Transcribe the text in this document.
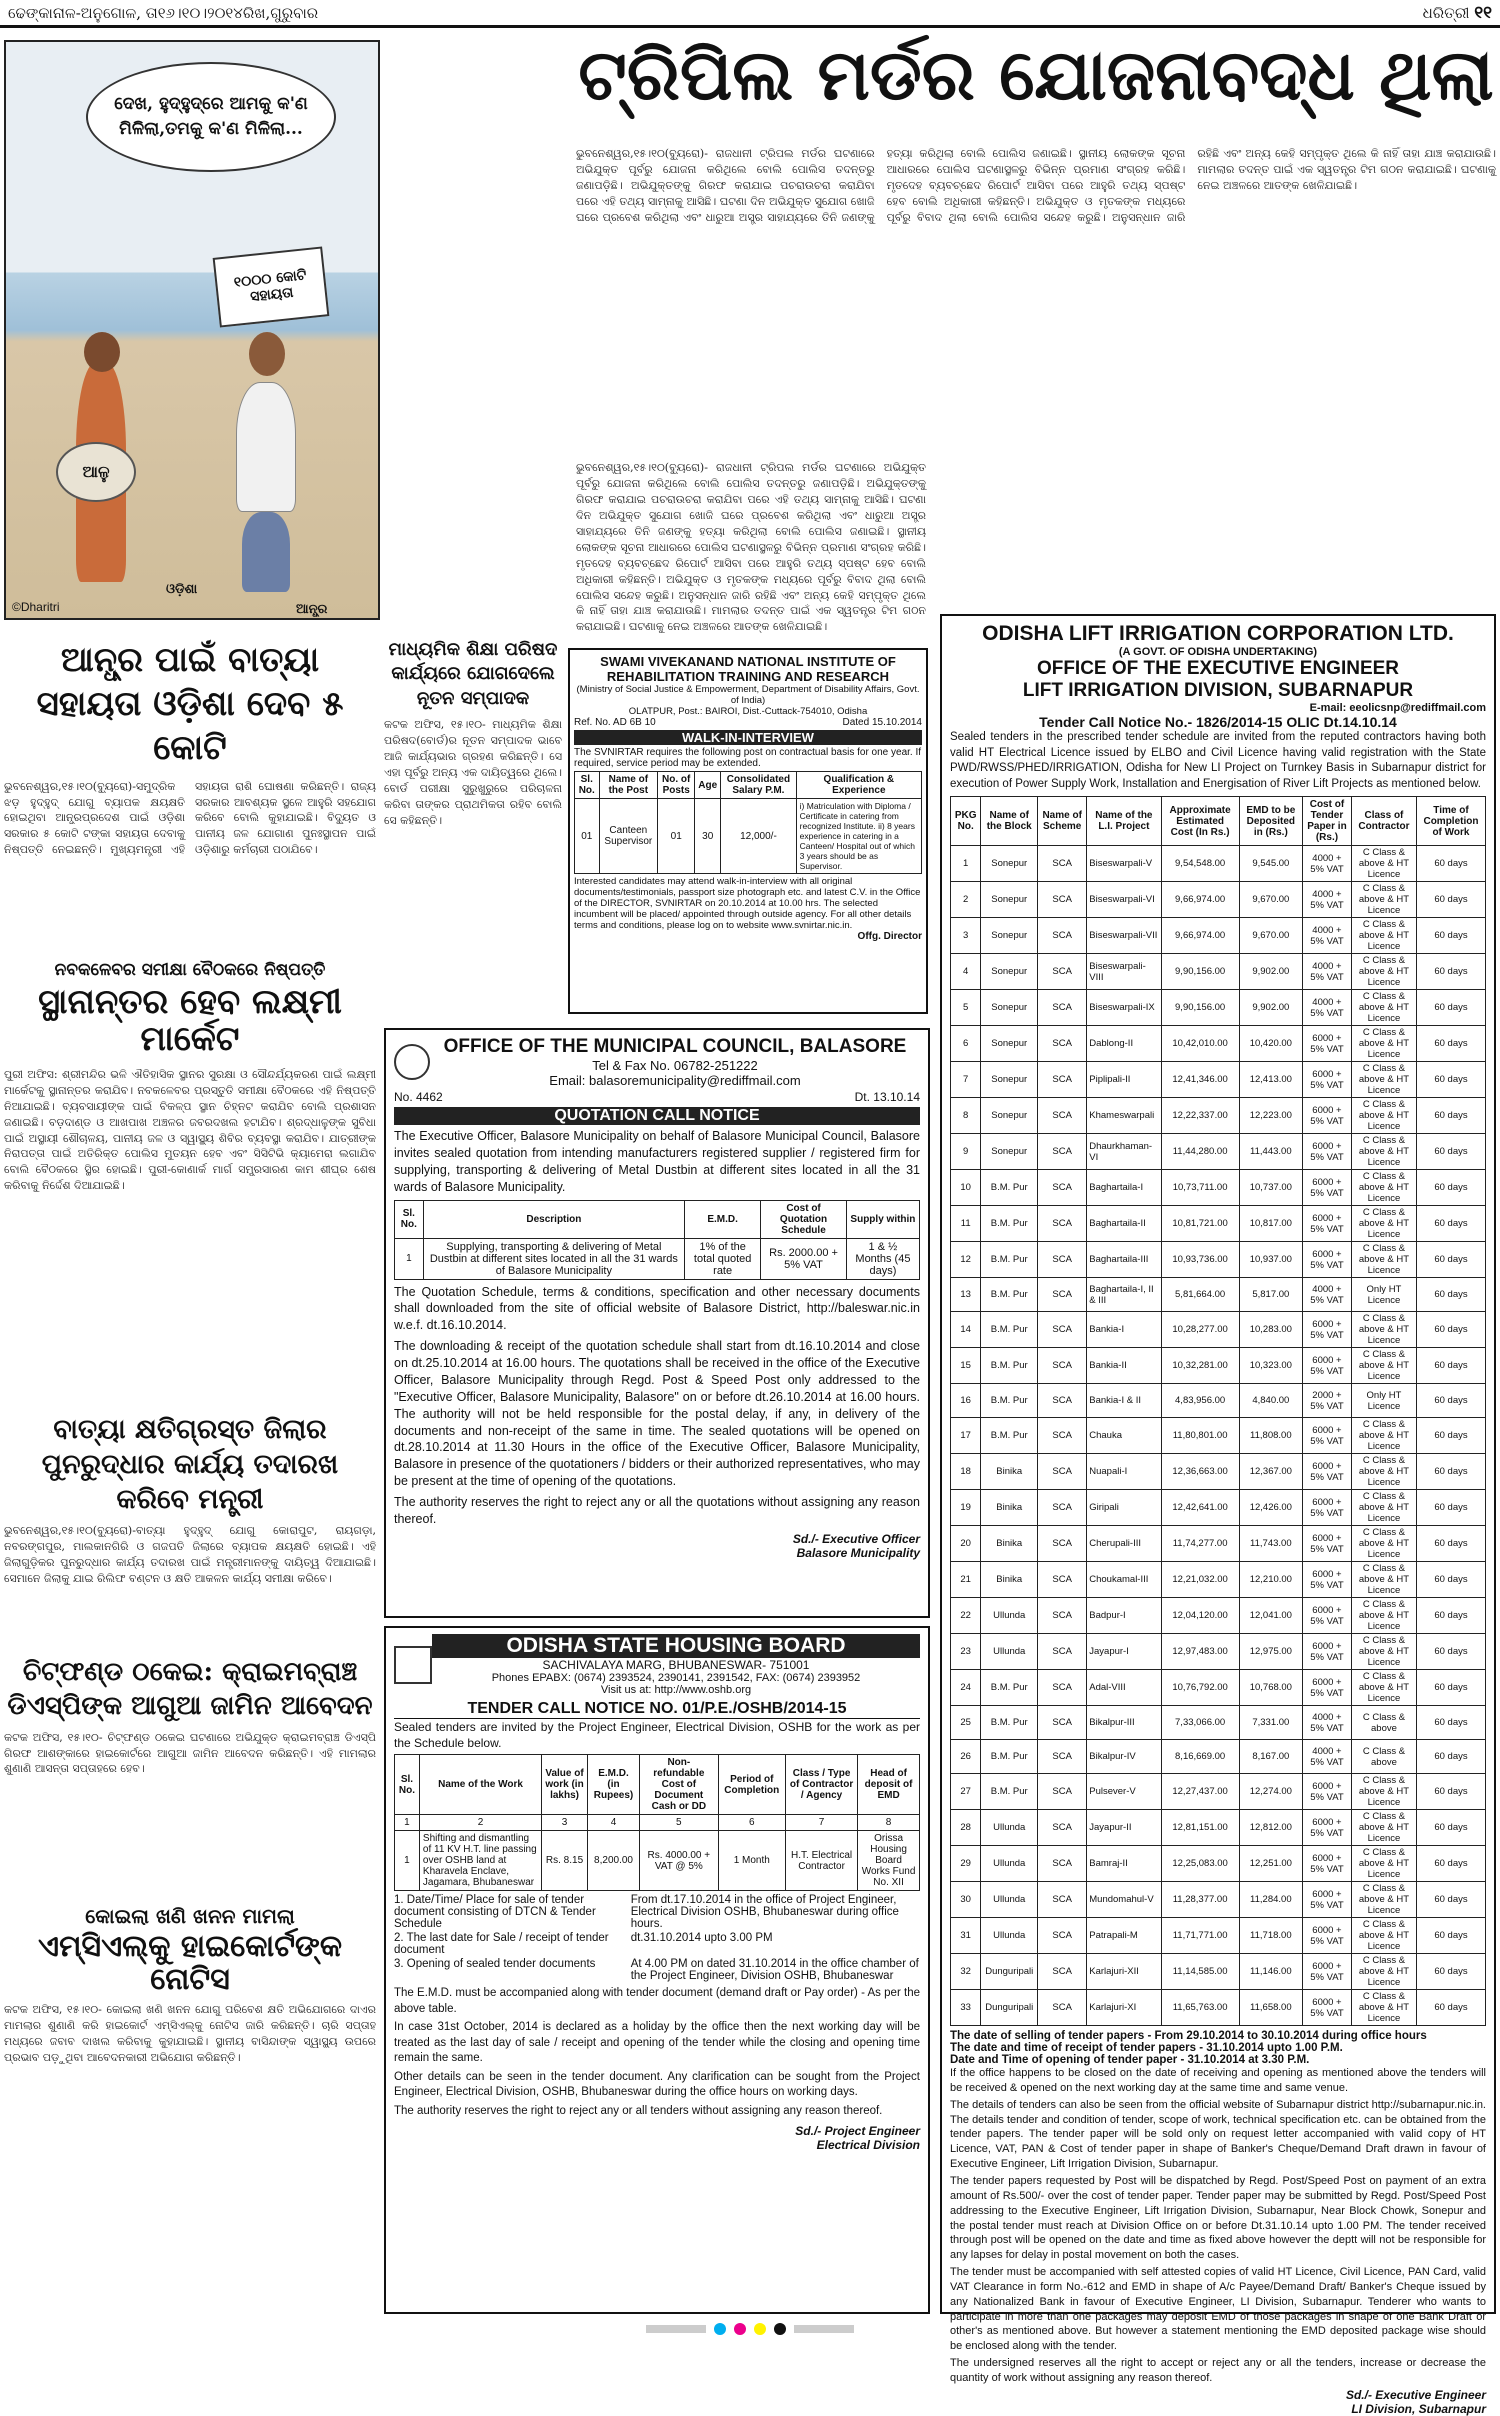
ଢେଙ୍କାନାଳ-ଅନୁଗୋଳ, ତା୧୬।୧୦।୨୦୧୪ରିଖ,ଗୁରୁବାର	ଧରିତ୍ରୀ ୧୧
ଦେଖ, ହୁଦ୍‌ହୁଦ୍‌ରେ ଆମକୁ କ'ଣ ମିଳିଲା,ତମକୁ କ'ଣ ମିଳିଲା...
୧୦୦୦ କୋଟି ସହାୟତା
ଆଳୁ
ଓଡ଼ିଶା
ଆନ୍ଧ୍ର
©Dharitri
ଟ୍ରିପିଲ ମର୍ଡର ଯୋଜନାବଦ୍ଧ ଥିଲା
ଭୁବନେଶ୍ୱର,୧୫।୧୦(ବ୍ୟୁରୋ)- ରାଜଧାନୀ ଟ୍ରିପଲ ମର୍ଡର ଘଟଣାରେ ଅଭିଯୁକ୍ତ ପୂର୍ବରୁ ଯୋଜନା କରିଥିଲେ ବୋଲି ପୋଲିସ ତଦନ୍ତରୁ ଜଣାପଡ଼ିଛି। ଅଭିଯୁକ୍ତଙ୍କୁ ଗିରଫ କରାଯାଇ ପଚରାଉଚରା କରାଯିବା ପରେ ଏହି ତଥ୍ୟ ସାମ୍ନାକୁ ଆସିଛି। ଘଟଣା ଦିନ ଅଭିଯୁକ୍ତ ସୁଯୋଗ ଖୋଜି ଘରେ ପ୍ରବେଶ କରିଥିଲା ଏବଂ ଧାରୁଆ ଅସ୍ତ୍ର ସାହାଯ୍ୟରେ ତିନି ଜଣଙ୍କୁ ହତ୍ୟା କରିଥିଲା ବୋଲି ପୋଲିସ ଜଣାଇଛି। ସ୍ଥାନୀୟ ଲୋକଙ୍କ ସୂଚନା ଆଧାରରେ ପୋଲିସ ଘଟଣାସ୍ଥଳରୁ ବିଭିନ୍ନ ପ୍ରମାଣ ସଂଗ୍ରହ କରିଛି। ମୃତଦେହ ବ୍ୟବଚ୍ଛେଦ ରିପୋର୍ଟ ଆସିବା ପରେ ଆହୁରି ତଥ୍ୟ ସ୍ପଷ୍ଟ ହେବ ବୋଲି ଅଧିକାରୀ କହିଛନ୍ତି। ଅଭିଯୁକ୍ତ ଓ ମୃତକଙ୍କ ମଧ୍ୟରେ ପୂର୍ବରୁ ବିବାଦ ଥିଲା ବୋଲି ପୋଲିସ ସନ୍ଦେହ କରୁଛି। ଅନୁସନ୍ଧାନ ଜାରି ରହିଛି ଏବଂ ଅନ୍ୟ କେହି ସମ୍ପୃକ୍ତ ଥିଲେ କି ନାହିଁ ତାହା ଯାଞ୍ଚ କରାଯାଉଛି। ମାମଲାର ତଦନ୍ତ ପାଇଁ ଏକ ସ୍ୱତନ୍ତ୍ର ଟିମ ଗଠନ କରାଯାଇଛି। ଘଟଣାକୁ ନେଇ ଅଞ୍ଚଳରେ ଆତଙ୍କ ଖେଳିଯାଇଛି।
ଭୁବନେଶ୍ୱର,୧୫।୧୦(ବ୍ୟୁରୋ)- ରାଜଧାନୀ ଟ୍ରିପଲ ମର୍ଡର ଘଟଣାରେ ଅଭିଯୁକ୍ତ ପୂର୍ବରୁ ଯୋଜନା କରିଥିଲେ ବୋଲି ପୋଲିସ ତଦନ୍ତରୁ ଜଣାପଡ଼ିଛି। ଅଭିଯୁକ୍ତଙ୍କୁ ଗିରଫ କରାଯାଇ ପଚରାଉଚରା କରାଯିବା ପରେ ଏହି ତଥ୍ୟ ସାମ୍ନାକୁ ଆସିଛି। ଘଟଣା ଦିନ ଅଭିଯୁକ୍ତ ସୁଯୋଗ ଖୋଜି ଘରେ ପ୍ରବେଶ କରିଥିଲା ଏବଂ ଧାରୁଆ ଅସ୍ତ୍ର ସାହାଯ୍ୟରେ ତିନି ଜଣଙ୍କୁ ହତ୍ୟା କରିଥିଲା ବୋଲି ପୋଲିସ ଜଣାଇଛି। ସ୍ଥାନୀୟ ଲୋକଙ୍କ ସୂଚନା ଆଧାରରେ ପୋଲିସ ଘଟଣାସ୍ଥଳରୁ ବିଭିନ୍ନ ପ୍ରମାଣ ସଂଗ୍ରହ କରିଛି। ମୃତଦେହ ବ୍ୟବଚ୍ଛେଦ ରିପୋର୍ଟ ଆସିବା ପରେ ଆହୁରି ତଥ୍ୟ ସ୍ପଷ୍ଟ ହେବ ବୋଲି ଅଧିକାରୀ କହିଛନ୍ତି। ଅଭିଯୁକ୍ତ ଓ ମୃତକଙ୍କ ମଧ୍ୟରେ ପୂର୍ବରୁ ବିବାଦ ଥିଲା ବୋଲି ପୋଲିସ ସନ୍ଦେହ କରୁଛି। ଅନୁସନ୍ଧାନ ଜାରି ରହିଛି ଏବଂ ଅନ୍ୟ କେହି ସମ୍ପୃକ୍ତ ଥିଲେ କି ନାହିଁ ତାହା ଯାଞ୍ଚ କରାଯାଉଛି। ମାମଲାର ତଦନ୍ତ ପାଇଁ ଏକ ସ୍ୱତନ୍ତ୍ର ଟିମ ଗଠନ କରାଯାଇଛି। ଘଟଣାକୁ ନେଇ ଅଞ୍ଚଳରେ ଆତଙ୍କ ଖେଳିଯାଇଛି।
ଆନ୍ଧ୍ର ପାଇଁ ବାତ୍ୟା ସହାୟତା ଓଡ଼ିଶା ଦେବ ୫ କୋଟି
ଭୁବନେଶ୍ୱର,୧୫।୧୦(ବ୍ୟୁରୋ)-ସମୁଦ୍ରିକ ଝଡ଼ ହୁଦ୍‌ହୁଦ୍ ଯୋଗୁ ବ୍ୟାପକ କ୍ଷୟକ୍ଷତି ହୋଇଥିବା ଆନ୍ଧ୍ରପ୍ରଦେଶ ପାଇଁ ଓଡ଼ିଶା ସରକାର ୫ କୋଟି ଟଙ୍କା ସହାୟତା ଦେବାକୁ ନିଷ୍ପତ୍ତି ନେଇଛନ୍ତି। ମୁଖ୍ୟମନ୍ତ୍ରୀ ଏହି ସହାୟତା ରାଶି ଘୋଷଣା କରିଛନ୍ତି। ରାଜ୍ୟ ସରକାର ଆବଶ୍ୟକ ସ୍ଥଳେ ଆହୁରି ସହଯୋଗ କରିବେ ବୋଲି କୁହାଯାଇଛି। ବିଦ୍ୟୁତ ଓ ପାନୀୟ ଜଳ ଯୋଗାଣ ପୁନଃସ୍ଥାପନ ପାଇଁ ଓଡ଼ିଶାରୁ କର୍ମଚାରୀ ପଠାଯିବେ।
ନବକଳେବର ସମୀକ୍ଷା ବୈଠକରେ ନିଷ୍ପତ୍ତି
ସ୍ଥାନାନ୍ତର ହେବ ଲକ୍ଷ୍ମୀ ମାର୍କେଟ
ପୁରୀ ଅଫିସ: ଶ୍ରୀମନ୍ଦିର ଭଳି ଐତିହାସିକ ସ୍ଥାନର ସୁରକ୍ଷା ଓ ସୌନ୍ଦର୍ଯ୍ୟକରଣ ପାଇଁ ଲକ୍ଷ୍ମୀ ମାର୍କେଟକୁ ସ୍ଥାନାନ୍ତର କରାଯିବ। ନବକଳେବର ପ୍ରସ୍ତୁତି ସମୀକ୍ଷା ବୈଠକରେ ଏହି ନିଷ୍ପତ୍ତି ନିଆଯାଇଛି। ବ୍ୟବସାୟୀଙ୍କ ପାଇଁ ବିକଳ୍ପ ସ୍ଥାନ ଚିହ୍ନଟ କରାଯିବ ବୋଲି ପ୍ରଶାସନ ଜଣାଇଛି। ବଡ଼ଦାଣ୍ଡ ଓ ଆଖପାଖ ଅଞ୍ଚଳର ଜବରଦଖଲ ହଟାଯିବ। ଶ୍ରଦ୍ଧାଳୁଙ୍କ ସୁବିଧା ପାଇଁ ଅସ୍ଥାୟୀ ଶୌଚାଳୟ, ପାନୀୟ ଜଳ ଓ ସ୍ୱାସ୍ଥ୍ୟ ଶିବିର ବ୍ୟବସ୍ଥା କରାଯିବ। ଯାତ୍ରୀଙ୍କ ନିରାପତ୍ତା ପାଇଁ ଅତିରିକ୍ତ ପୋଲିସ ମୁତୟନ ହେବ ଏବଂ ସିସିଟିଭି କ୍ୟାମେରା ଲଗାଯିବ ବୋଲି ବୈଠକରେ ସ୍ଥିର ହୋଇଛି। ପୁରୀ-କୋଣାର୍କ ମାର୍ଗ ସମ୍ପ୍ରସାରଣ କାମ ଶୀଘ୍ର ଶେଷ କରିବାକୁ ନିର୍ଦ୍ଦେଶ ଦିଆଯାଇଛି।
ବାତ୍ୟା କ୍ଷତିଗ୍ରସ୍ତ ଜିଲାର ପୁନରୁଦ୍ଧାର କାର୍ଯ୍ୟ ତଦାରଖ କରିବେ ମନ୍ତ୍ରୀ
ଭୁବନେଶ୍ୱର,୧୫।୧୦(ବ୍ୟୁରୋ)-ବାତ୍ୟା ହୁଦ୍‌ହୁଦ୍ ଯୋଗୁ କୋରାପୁଟ, ରାୟଗଡ଼ା, ନବରଙ୍ଗପୁର, ମାଲକାନଗିରି ଓ ଗଜପତି ଜିଲାରେ ବ୍ୟାପକ କ୍ଷୟକ୍ଷତି ହୋଇଛି। ଏହି ଜିଲାଗୁଡ଼ିକର ପୁନରୁଦ୍ଧାର କାର୍ଯ୍ୟ ତଦାରଖ ପାଇଁ ମନ୍ତ୍ରୀମାନଙ୍କୁ ଦାୟିତ୍ୱ ଦିଆଯାଇଛି। ସେମାନେ ଜିଲାକୁ ଯାଇ ରିଲିଫ ବଣ୍ଟନ ଓ କ୍ଷତି ଆକଳନ କାର୍ଯ୍ୟ ସମୀକ୍ଷା କରିବେ।
ଚିଟ୍‌ଫଣ୍ଡ ଠକେଇ: କ୍ରାଇମବ୍ରାଞ୍ଚ ଡିଏସ୍‌ପିଙ୍କ ଆଗୁଆ ଜାମିନ ଆବେଦନ
କଟକ ଅଫିସ, ୧୫।୧୦- ଚିଟ୍‌ଫଣ୍ଡ ଠକେଇ ଘଟଣାରେ ଅଭିଯୁକ୍ତ କ୍ରାଇମବ୍ରାଞ୍ଚ ଡିଏସ୍‌ପି ଗିରଫ ଆଶଙ୍କାରେ ହାଇକୋର୍ଟରେ ଆଗୁଆ ଜାମିନ ଆବେଦନ କରିଛନ୍ତି। ଏହି ମାମଲାର ଶୁଣାଣି ଆସନ୍ତା ସପ୍ତାହରେ ହେବ।
କୋଇଲା ଖଣି ଖନନ ମାମଲା
ଏମ୍‌ସିଏଲ୍‌କୁ ହାଇକୋର୍ଟଙ୍କ ନୋଟିସ
କଟକ ଅଫିସ, ୧୫।୧୦- କୋଇଲା ଖଣି ଖନନ ଯୋଗୁ ପରିବେଶ କ୍ଷତି ଅଭିଯୋଗରେ ଦାଏର ମାମଲାର ଶୁଣାଣି କରି ହାଇକୋର୍ଟ ଏମ୍‌ସିଏଲ୍‌କୁ ନୋଟିସ ଜାରି କରିଛନ୍ତି। ଚାରି ସପ୍ତାହ ମଧ୍ୟରେ ଜବାବ ଦାଖଲ କରିବାକୁ କୁହାଯାଇଛି। ସ୍ଥାନୀୟ ବାସିନ୍ଦାଙ୍କ ସ୍ୱାସ୍ଥ୍ୟ ଉପରେ ପ୍ରଭାବ ପଡ଼ୁଥିବା ଆବେଦନକାରୀ ଅଭିଯୋଗ କରିଛନ୍ତି।
ମାଧ୍ୟମିକ ଶିକ୍ଷା ପରିଷଦ କାର୍ଯ୍ୟରେ ଯୋଗଦେଲେ ନୂତନ ସମ୍ପାଦକ
କଟକ ଅଫିସ, ୧୫।୧୦- ମାଧ୍ୟମିକ ଶିକ୍ଷା ପରିଷଦ(ବୋର୍ଡ)ର ନୂତନ ସମ୍ପାଦକ ଭାବେ ଆଜି କାର୍ଯ୍ୟଭାର ଗ୍ରହଣ କରିଛନ୍ତି। ସେ ଏହା ପୂର୍ବରୁ ଅନ୍ୟ ଏକ ଦାୟିତ୍ୱରେ ଥିଲେ। ବୋର୍ଡ ପରୀକ୍ଷା ସୁରୁଖୁରୁରେ ପରିଚାଳନା କରିବା ତାଙ୍କର ପ୍ରାଥମିକତା ରହିବ ବୋଲି ସେ କହିଛନ୍ତି।
SWAMI VIVEKANAND NATIONAL INSTITUTE OF REHABILITATION TRAINING AND RESEARCH
(Ministry of Social Justice & Empowerment, Department of Disability Affairs, Govt. of India)
OLATPUR, Post.: BAIROI, Dist.-Cuttack-754010, Odisha
Ref. No. AD 6B 10	Dated 15.10.2014
WALK-IN-INTERVIEW
The SVNIRTAR requires the following post on contractual basis for one year. If required, service period may be extended.
Sl. No.	Name of the Post	No. of Posts	Age	Consolidated Salary P.M.	Qualification & Experience
01	Canteen Supervisor	01	30	12,000/-	i) Matriculation with Diploma / Certificate in catering from recognized Institute. ii) 8 years experience in catering in a Canteen/ Hospital out of which 3 years should be as Supervisor.
Interested candidates may attend walk-in-interview with all original documents/testimonials, passport size photograph etc. and latest C.V. in the Office of the DIRECTOR, SVNIRTAR on 20.10.2014 at 10.00 hrs. The selected incumbent will be placed/ appointed through outside agency. For all other details terms and conditions, please log on to website www.svnirtar.nic.in.
Offg. Director
OFFICE OF THE MUNICIPAL COUNCIL, BALASORE
Tel & Fax No. 06782-251222
Email: balasoremunicipality@rediffmail.com
No. 4462	Dt. 13.10.14
QUOTATION CALL NOTICE
The Executive Officer, Balasore Municipality on behalf of Balasore Municipal Council, Balasore invites sealed quotation from intending manufacturers registered supplier / registered firm for supplying, transporting & delivering of Metal Dustbin at different sites located in all the 31 wards of Balasore Municipality.
Sl. No.	Description	E.M.D.	Cost of Quotation Schedule	Supply within
1	Supplying, transporting & delivering of Metal Dustbin at different sites located in all the 31 wards of Balasore Municipality	1% of the total quoted rate	Rs. 2000.00 + 5% VAT	1 & ½ Months (45 days)
The Quotation Schedule, terms & conditions, specification and other necessary documents shall downloaded from the site of official website of Balasore District, http://baleswar.nic.in w.e.f. dt.16.10.2014.
The downloading & receipt of the quotation schedule shall start from dt.16.10.2014 and close on dt.25.10.2014 at 16.00 hours. The quotations shall be received in the office of the Executive Officer, Balasore Municipality through Regd. Post & Speed Post only addressed to the "Executive Officer, Balasore Municipality, Balasore" on or before dt.26.10.2014 at 16.00 hours. The authority will not be held responsible for the postal delay, if any, in delivery of the documents and non-receipt of the same in time. The sealed quotations will be opened on dt.28.10.2014 at 11.30 Hours in the office of the Executive Officer, Balasore Municipality, Balasore in presence of the quotationers / bidders or their authorized representatives, who may be present at the time of opening of the quotations.
The authority reserves the right to reject any or all the quotations without assigning any reason thereof.
Sd./- Executive Officer
Balasore Municipality
ODISHA STATE HOUSING BOARD
SACHIVALAYA MARG, BHUBANESWAR- 751001
Phones EPABX: (0674) 2393524, 2390141, 2391542, FAX: (0674) 2393952
Visit us at: http://www.oshb.org
TENDER CALL NOTICE NO. 01/P.E./OSHB/2014-15
Sealed tenders are invited by the Project Engineer, Electrical Division, OSHB for the work as per the Schedule below.
Sl. No.	Name of the Work	Value of work (in lakhs)	E.M.D. (in Rupees)	Non-refundable Cost of Document Cash or DD	Period of Completion	Class / Type of Contractor / Agency	Head of deposit of EMD
1	2	3	4	5	6	7	8
1	Shifting and dismantling of 11 KV H.T. line passing over OSHB land at Kharavela Enclave, Jagamara, Bhubaneswar	Rs. 8.15	8,200.00	Rs. 4000.00 + VAT @ 5%	1 Month	H.T. Electrical Contractor	Orissa Housing Board Works Fund No. XII
1. Date/Time/ Place for sale of tender document consisting of DTCN & Tender Schedule
From dt.17.10.2014 in the office of Project Engineer, Electrical Division OSHB, Bhubaneswar during office hours.
2. The last date for Sale / receipt of tender document
dt.31.10.2014 upto 3.00 PM
3. Opening of sealed tender documents	At 4.00 PM on dated 31.10.2014 in the office chamber of the Project Engineer, Division OSHB, Bhubaneswar
The E.M.D. must be accompanied along with tender document (demand draft or Pay order) - As per the above table.
In case 31st October, 2014 is declared as a holiday by the office then the next working day will be treated as the last day of sale / receipt and opening of the tender while the closing and opening time remain the same.
Other details can be seen in the tender document. Any clarification can be sought from the Project Engineer, Electrical Division, OSHB, Bhubaneswar during the office hours on working days.
The authority reserves the right to reject any or all tenders without assigning any reason thereof.
Sd./- Project Engineer
Electrical Division
ODISHA LIFT IRRIGATION CORPORATION LTD.
(A GOVT. OF ODISHA UNDERTAKING)
OFFICE OF THE EXECUTIVE ENGINEER
LIFT IRRIGATION DIVISION, SUBARNAPUR
E-mail: eeolicsnp@rediffmail.com
Tender Call Notice No.- 1826/2014-15 OLIC Dt.14.10.14
Sealed tenders in the prescribed tender schedule are invited from the reputed contractors having both valid HT Electrical Licence issued by ELBO and Civil Licence having valid registration with the State PWD/RWSS/PHED/IRRIGATION, Odisha for New LI Project on Turnkey Basis in Subarnapur district for execution of Power Supply Work, Installation and Energisation of River Lift Projects as mentioned below.
PKG No.	Name of the Block	Name of Scheme	Name of the L.I. Project	Approximate Estimated Cost (In Rs.)	EMD to be Deposited in (Rs.)	Cost of Tender Paper in (Rs.)	Class of Contractor	Time of Completion of Work
1	Sonepur	SCA	Biseswarpali-V	9,54,548.00	9,545.00	4000 + 5% VAT	C Class & above & HT Licence	60 days
2	Sonepur	SCA	Biseswarpali-VI	9,66,974.00	9,670.00	4000 + 5% VAT	C Class & above & HT Licence	60 days
3	Sonepur	SCA	Biseswarpali-VII	9,66,974.00	9,670.00	4000 + 5% VAT	C Class & above & HT Licence	60 days
4	Sonepur	SCA	Biseswarpali-VIII	9,90,156.00	9,902.00	4000 + 5% VAT	C Class & above & HT Licence	60 days
5	Sonepur	SCA	Biseswarpali-IX	9,90,156.00	9,902.00	4000 + 5% VAT	C Class & above & HT Licence	60 days
6	Sonepur	SCA	Dablong-II	10,42,010.00	10,420.00	6000 + 5% VAT	C Class & above & HT Licence	60 days
7	Sonepur	SCA	Piplipali-II	12,41,346.00	12,413.00	6000 + 5% VAT	C Class & above & HT Licence	60 days
8	Sonepur	SCA	Khameswarpali	12,22,337.00	12,223.00	6000 + 5% VAT	C Class & above & HT Licence	60 days
9	Sonepur	SCA	Dhaurkhaman-VI	11,44,280.00	11,443.00	6000 + 5% VAT	C Class & above & HT Licence	60 days
10	B.M. Pur	SCA	Baghartaila-I	10,73,711.00	10,737.00	6000 + 5% VAT	C Class & above & HT Licence	60 days
11	B.M. Pur	SCA	Baghartaila-II	10,81,721.00	10,817.00	6000 + 5% VAT	C Class & above & HT Licence	60 days
12	B.M. Pur	SCA	Baghartaila-III	10,93,736.00	10,937.00	6000 + 5% VAT	C Class & above & HT Licence	60 days
13	B.M. Pur	SCA	Baghartaila-I, II & III	5,81,664.00	5,817.00	4000 + 5% VAT	Only HT Licence	60 days
14	B.M. Pur	SCA	Bankia-I	10,28,277.00	10,283.00	6000 + 5% VAT	C Class & above & HT Licence	60 days
15	B.M. Pur	SCA	Bankia-II	10,32,281.00	10,323.00	6000 + 5% VAT	C Class & above & HT Licence	60 days
16	B.M. Pur	SCA	Bankia-I & II	4,83,956.00	4,840.00	2000 + 5% VAT	Only HT Licence	60 days
17	B.M. Pur	SCA	Chauka	11,80,801.00	11,808.00	6000 + 5% VAT	C Class & above & HT Licence	60 days
18	Binika	SCA	Nuapali-I	12,36,663.00	12,367.00	6000 + 5% VAT	C Class & above & HT Licence	60 days
19	Binika	SCA	Giripali	12,42,641.00	12,426.00	6000 + 5% VAT	C Class & above & HT Licence	60 days
20	Binika	SCA	Cherupali-III	11,74,277.00	11,743.00	6000 + 5% VAT	C Class & above & HT Licence	60 days
21	Binika	SCA	Choukamal-III	12,21,032.00	12,210.00	6000 + 5% VAT	C Class & above & HT Licence	60 days
22	Ullunda	SCA	Badpur-I	12,04,120.00	12,041.00	6000 + 5% VAT	C Class & above & HT Licence	60 days
23	Ullunda	SCA	Jayapur-I	12,97,483.00	12,975.00	6000 + 5% VAT	C Class & above & HT Licence	60 days
24	B.M. Pur	SCA	Adal-VIII	10,76,792.00	10,768.00	6000 + 5% VAT	C Class & above & HT Licence	60 days
25	B.M. Pur	SCA	Bikalpur-III	7,33,066.00	7,331.00	4000 + 5% VAT	C Class & above	60 days
26	B.M. Pur	SCA	Bikalpur-IV	8,16,669.00	8,167.00	4000 + 5% VAT	C Class & above	60 days
27	B.M. Pur	SCA	Pulsever-V	12,27,437.00	12,274.00	6000 + 5% VAT	C Class & above & HT Licence	60 days
28	Ullunda	SCA	Jayapur-II	12,81,151.00	12,812.00	6000 + 5% VAT	C Class & above & HT Licence	60 days
29	Ullunda	SCA	Bamraj-II	12,25,083.00	12,251.00	6000 + 5% VAT	C Class & above & HT Licence	60 days
30	Ullunda	SCA	Mundomahul-V	11,28,377.00	11,284.00	6000 + 5% VAT	C Class & above & HT Licence	60 days
31	Ullunda	SCA	Patrapali-M	11,71,771.00	11,718.00	6000 + 5% VAT	C Class & above & HT Licence	60 days
32	Dunguripali	SCA	Karlajuri-XII	11,14,585.00	11,146.00	6000 + 5% VAT	C Class & above & HT Licence	60 days
33	Dunguripali	SCA	Karlajuri-XI	11,65,763.00	11,658.00	6000 + 5% VAT	C Class & above & HT Licence	60 days
The date of selling of tender papers - From 29.10.2014 to 30.10.2014 during office hours
The date and time of receipt of tender papers - 31.10.2014 upto 1.00 P.M.
Date and Time of opening of tender paper - 31.10.2014 at 3.30 P.M.
If the office happens to be closed on the date of receiving and opening as mentioned above the tenders will be received & opened on the next working day at the same time and same venue.
The details of tenders can also be seen from the official website of Subarnapur district http://subarnapur.nic.in. The details tender and condition of tender, scope of work, technical specification etc. can be obtained from the tender papers. The tender paper will be sold only on request letter accompanied with valid copy of HT Licence, VAT, PAN & Cost of tender paper in shape of Banker's Cheque/Demand Draft drawn in favour of Executive Engineer, Lift Irrigation Division, Subarnapur.
The tender papers requested by Post will be dispatched by Regd. Post/Speed Post on payment of an extra amount of Rs.500/- over the cost of tender paper. Tender paper may be submitted by Regd. Post/Speed Post addressing to the Executive Engineer, Lift Irrigation Division, Subarnapur, Near Block Chowk, Sonepur and the postal tender must reach at Division Office on or before Dt.31.10.14 upto 1.00 PM. The tender received through post will be opened on the date and time as fixed above however the deptt will not be responsible for any lapses for delay in postal movement on both the cases.
The tender must be accompanied with self attested copies of valid HT Licence, Civil Licence, PAN Card, valid VAT Clearance in form No.-612 and EMD in shape of A/c Payee/Demand Draft/ Banker's Cheque issued by any Nationalized Bank in favour of Executive Engineer, LI Division, Subarnapur. Tenderer who wants to participate in more than one packages may deposit EMD of those packages in shape of one Bank Draft or other's as mentioned above. But however a statement mentioning the EMD deposited package wise should be enclosed along with the tender.
The undersigned reserves all the right to accept or reject any or all the tenders, increase or decrease the quantity of work without assigning any reason thereof.
Sd./- Executive Engineer
LI Division, Subarnapur
